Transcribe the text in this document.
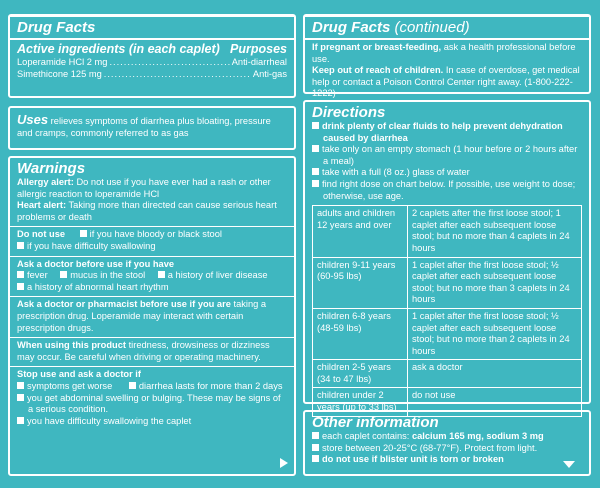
Drug Facts
Active ingredients (in each caplet) Purposes
Loperamide HCl 2 mg .....	Anti-diarrheal
Simethicone 125 mg .....	Anti-gas
Uses relieves symptoms of diarrhea plus bloating, pressure and cramps, commonly referred to as gas
Warnings
Allergy alert: Do not use if you have ever had a rash or other allergic reaction to loperamide HCl
Heart alert: Taking more than directed can cause serious heart problems or death
Do not use	if you have bloody or black stool
if you have difficulty swallowing
Ask a doctor before use if you have
fever mucus in the stool a history of liver disease
a history of abnormal heart rhythm
Ask a doctor or pharmacist before use if you are taking a prescription drug. Loperamide may interact with certain prescription drugs.
When using this product tiredness, drowsiness or dizziness may occur. Be careful when driving or operating machinery.
Stop use and ask a doctor if
symptoms get worse	diarrhea lasts for more than 2 days
you get abdominal swelling or bulging. These may be signs of a serious condition.
you have difficulty swallowing the caplet
Drug Facts (continued)
If pregnant or breast-feeding, ask a health professional before use.
Keep out of reach of children. In case of overdose, get medical help or contact a Poison Control Center right away. (1-800-222-1222)
Directions
drink plenty of clear fluids to help prevent dehydration caused by diarrhea
take only on an empty stomach (1 hour before or 2 hours after a meal)
take with a full (8 oz.) glass of water
find right dose on chart below. If possible, use weight to dose; otherwise, use age.
adults and children 12 years and over	2 caplets after the first loose stool; 1 caplet after each subsequent loose stool; but no more than 4 caplets in 24 hours
children 9-11 years (60-95 lbs)	1 caplet after the first loose stool; ½ caplet after each subsequent loose stool; but no more than 3 caplets in 24 hours
children 6-8 years (48-59 lbs)	1 caplet after the first loose stool; ½ caplet after each subsequent loose stool; but no more than 2 caplets in 24 hours
children 2-5 years (34 to 47 lbs)	ask a doctor
children under 2 years (up to 33 lbs)	do not use
Other information
each caplet contains: calcium 165 mg, sodium 3 mg
store between 20-25°C (68-77°F). Protect from light.
do not use if blister unit is torn or broken
